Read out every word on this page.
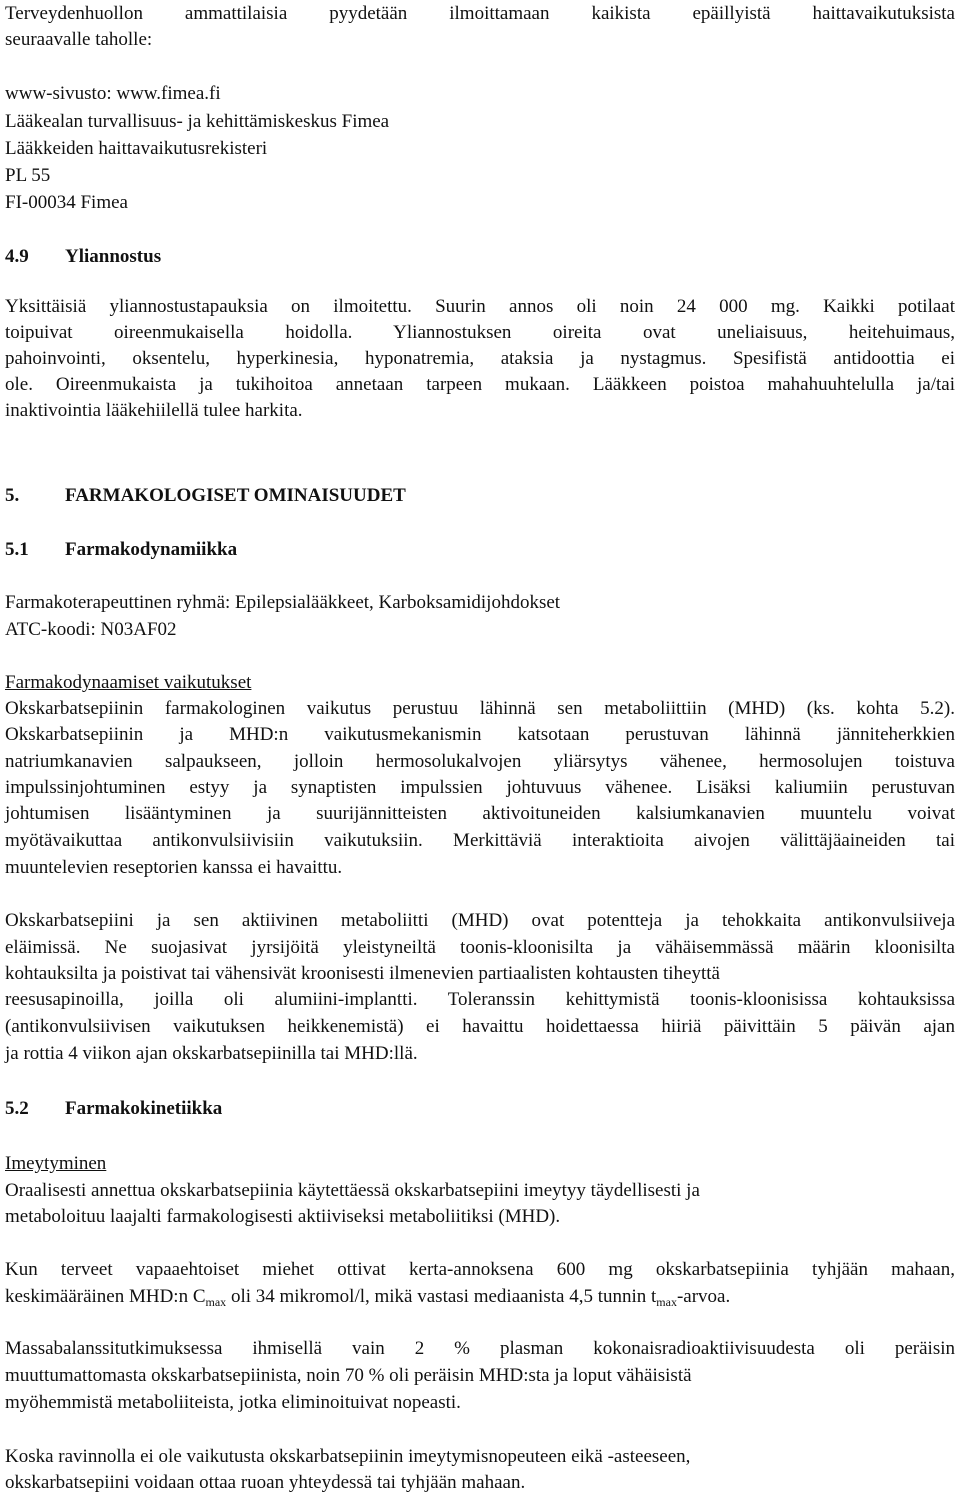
Terveydenhuollon ammattilaisia pyydetään ilmoittamaan kaikista epäillyistä haittavaikutuksista
seuraavalle taholle:
www-sivusto: www.fimea.fi
Lääkealan turvallisuus- ja kehittämiskeskus Fimea
Lääkkeiden haittavaikutusrekisteri
PL 55
FI-00034 Fimea
4.9 Yliannostus
Yksittäisiä yliannostustapauksia on ilmoitettu. Suurin annos oli noin 24 000 mg. Kaikki potilaat
toipuivat oireenmukaisella hoidolla. Yliannostuksen oireita ovat uneliaisuus, heitehuimaus,
pahoinvointi, oksentelu, hyperkinesia, hyponatremia, ataksia ja nystagmus. Spesifistä antidoottia ei
ole. Oireenmukaista ja tukihoitoa annetaan tarpeen mukaan. Lääkkeen poistoa mahahuuhtelulla ja/tai
inaktivointia lääkehiilellä tulee harkita.
5. FARMAKOLOGISET OMINAISUUDET
5.1 Farmakodynamiikka
Farmakoterapeuttinen ryhmä: Epilepsialääkkeet, Karboksamidijohdokset
ATC-koodi: N03AF02
Farmakodynaamiset vaikutukset
Okskarbatsepiinin farmakologinen vaikutus perustuu lähinnä sen metaboliittiin (MHD) (ks. kohta 5.2).
Okskarbatsepiinin ja MHD:n vaikutusmekanismin katsotaan perustuvan lähinnä jänniteherkkien
natriumkanavien salpaukseen, jolloin hermosolukalvojen yliärsytys vähenee, hermosolujen toistuva
impulssinjohtuminen estyy ja synaptisten impulssien johtuvuus vähenee. Lisäksi kaliumiin perustuvan
johtumisen lisääntyminen ja suurijännitteisten aktivoituneiden kalsiumkanavien muuntelu voivat
myötävaikuttaa antikonvulsiivisiin vaikutuksiin. Merkittäviä interaktioita aivojen välittäjäaineiden tai
muuntelevien reseptorien kanssa ei havaittu.
Okskarbatsepiini ja sen aktiivinen metaboliitti (MHD) ovat potentteja ja tehokkaita antikonvulsiiveja
eläimissä. Ne suojasivat jyrsijöitä yleistyneiltä toonis-kloonisilta ja vähäisemmässä määrin kloonisilta
kohtauksilta ja poistivat tai vähensivät kroonisesti ilmenevien partiaalisten kohtausten tiheyttä
reesusapinoilla, joilla oli alumiini-implantti. Toleranssin kehittymistä toonis-kloonisissa kohtauksissa
(antikonvulsiivisen vaikutuksen heikkenemistä) ei havaittu hoidettaessa hiiriä päivittäin 5 päivän ajan
ja rottia 4 viikon ajan okskarbatsepiinilla tai MHD:llä.
5.2 Farmakokinetiikka
Imeytyminen
Oraalisesti annettua okskarbatsepiinia käytettäessä okskarbatsepiini imeytyy täydellisesti ja
metaboloituu laajalti farmakologisesti aktiiviseksi metaboliitiksi (MHD).
Kun terveet vapaaehtoiset miehet ottivat kerta-annoksena 600 mg okskarbatsepiinia tyhjään mahaan,
keskimääräinen MHD:n $C_{max}$ oli 34 mikromol/l, mikä vastasi mediaanista 4,5 tunnin $t_{max}$-arvoa.
Massabalanssitutkimuksessa ihmisellä vain 2 % plasman kokonaisradioaktiivisuudesta oli peräisin
muuttumattomasta okskarbatsepiinista, noin 70 % oli peräisin MHD:sta ja loput vähäisistä
myöhemmistä metaboliiteista, jotka eliminoituivat nopeasti.
Koska ravinnolla ei ole vaikutusta okskarbatsepiinin imeytymisnopeuteen eikä -asteeseen,
okskarbatsepiini voidaan ottaa ruoan yhteydessä tai tyhjään mahaan.
